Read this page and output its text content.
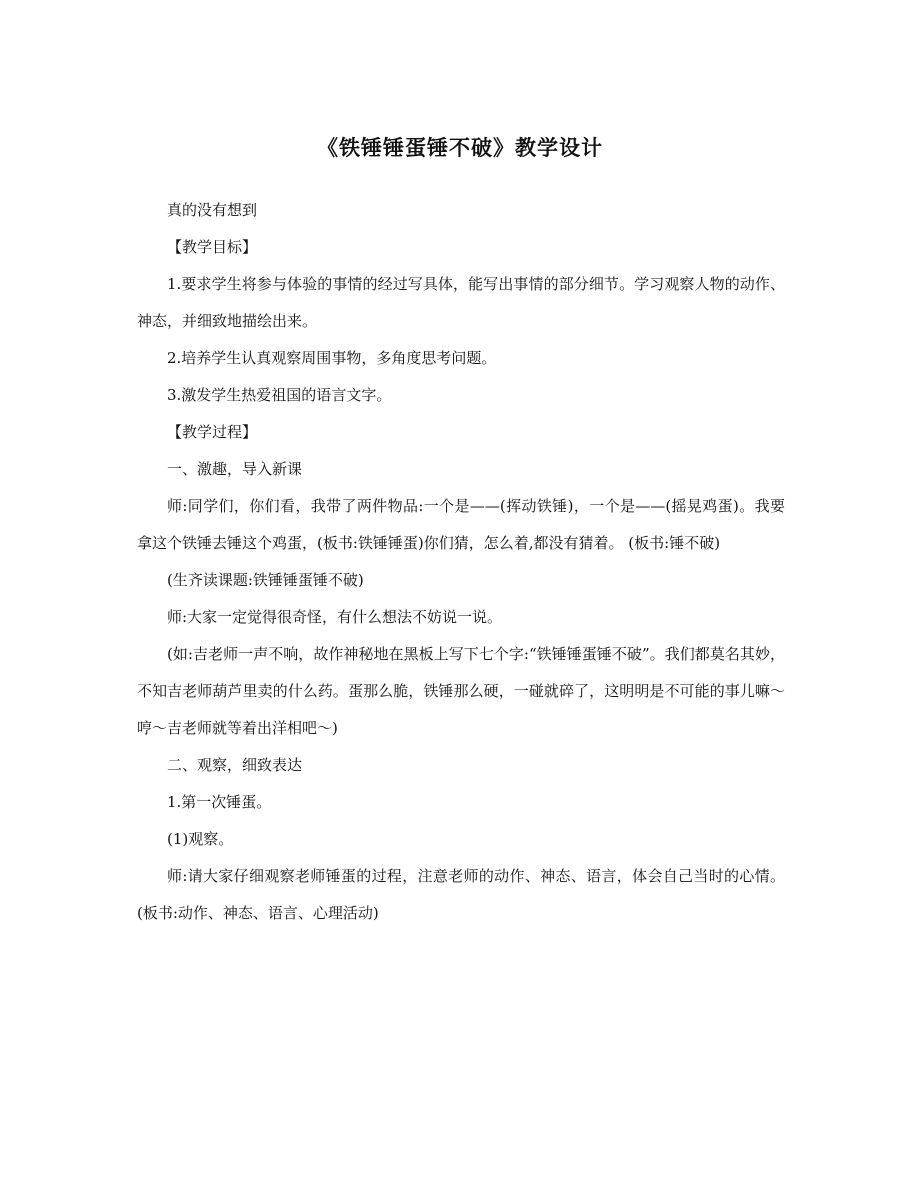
《铁锤锤蛋锤不破》教学设计

真的没有想到

【教学目标】

1.要求学生将参与体验的事情的经过写具体，能写出事情的部分细节。学习观察人物的动作、神态，并细致地描绘出来。

2.培养学生认真观察周围事物，多角度思考问题。

3.激发学生热爱祖国的语言文字。

【教学过程】

一、激趣，导入新课

师:同学们，你们看，我带了两件物品:一个是——(挥动铁锤)，一个是——(摇晃鸡蛋)。我要拿这个铁锤去锤这个鸡蛋，(板书:铁锤锤蛋)你们猜，怎么着,都没有猜着。 (板书:锤不破)

(生齐读课题:铁锤锤蛋锤不破)

师:大家一定觉得很奇怪，有什么想法不妨说一说。

(如:吉老师一声不响，故作神秘地在黑板上写下七个字:“铁锤锤蛋锤不破”。我们都莫名其妙，不知吉老师葫芦里卖的什么药。蛋那么脆，铁锤那么硬，一碰就碎了，这明明是不可能的事儿嘛～哼～吉老师就等着出洋相吧～)

二、观察，细致表达

1.第一次锤蛋。

(1)观察。

师:请大家仔细观察老师锤蛋的过程，注意老师的动作、神态、语言，体会自己当时的心情。(板书:动作、神态、语言、心理活动)
